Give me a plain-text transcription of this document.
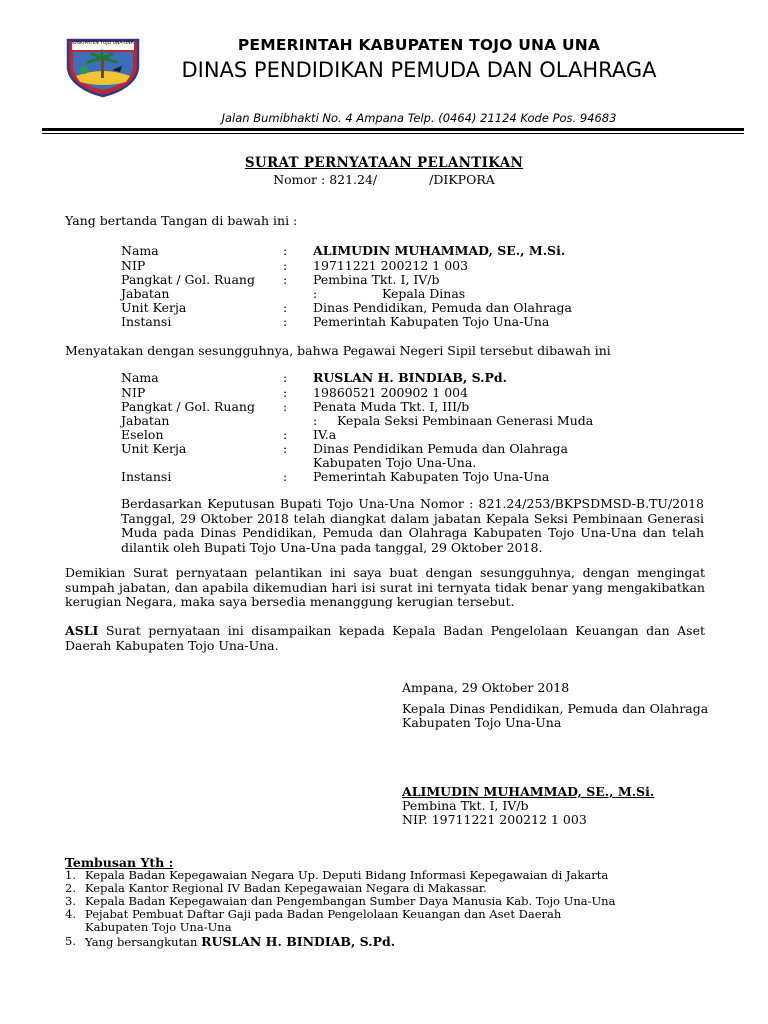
KABUPATEN TOJO UNA-UNA	PEMERINTAH KABUPATEN TOJO UNA UNA
DINAS PENDIDIKAN PEMUDA DAN OLAHRAGA
Jalan Bumibhakti No. 4 Ampana Telp. (0464) 21124 Kode Pos. 94683
SURAT PERNYATAAN PELANTIKAN
Nomor : 821.24/	/DIKPORA
Yang bertanda Tangan di bawah ini :
Nama	: ALIMUDIN MUHAMMAD, SE., M.Si.
NIP	: 19711221 200212 1 003
Pangkat / Gol. Ruang : Pembina Tkt. I, IV/b
Jabatan	:	Kepala Dinas
Unit Kerja	: Dinas Pendidikan, Pemuda dan Olahraga
Instansi	: Pemerintah Kabupaten Tojo Una-Una
Menyatakan dengan sesungguhnya, bahwa Pegawai Negeri Sipil tersebut dibawah ini
Nama	: RUSLAN H. BINDIAB, S.Pd.
NIP	: 19860521 200902 1 004
Pangkat / Gol. Ruang : Penata Muda Tkt. I, III/b
Jabatan	: Kepala Seksi Pembinaan Generasi Muda
Eselon	: IV.a
Unit Kerja	: Dinas Pendidikan Pemuda dan Olahraga
Kabupaten Tojo Una-Una.
Instansi	: Pemerintah Kabupaten Tojo Una-Una
Berdasarkan Keputusan Bupati Tojo Una-Una Nomor : 821.24/253/BKPSDMSD-B.TU/2018 Tanggal, 29 Oktober 2018 telah diangkat dalam jabatan Kepala Seksi Pembinaan Generasi Muda pada Dinas Pendidikan, Pemuda dan Olahraga Kabupaten Tojo Una-Una dan telah dilantik oleh Bupati Tojo Una-Una pada tanggal, 29 Oktober 2018.
Demikian Surat pernyataan pelantikan ini saya buat dengan sesungguhnya, dengan mengingat sumpah jabatan, dan apabila dikemudian hari isi surat ini ternyata tidak benar yang mengakibatkan kerugian Negara, maka saya bersedia menanggung kerugian tersebut.
ASLI Surat pernyataan ini disampaikan kepada Kepala Badan Pengelolaan Keuangan dan Aset Daerah Kabupaten Tojo Una-Una.
Ampana, 29 Oktober 2018
Kepala Dinas Pendidikan, Pemuda dan Olahraga
Kabupaten Tojo Una-Una
ALIMUDIN MUHAMMAD, SE., M.Si.
Pembina Tkt. I, IV/b
NIP. 19711221 200212 1 003
Tembusan Yth :
1. Kepala Badan Kepegawaian Negara Up. Deputi Bidang Informasi Kepegawaian di Jakarta
2. Kepala Kantor Regional IV Badan Kepegawaian Negara di Makassar.
3. Kepala Badan Kepegawaian dan Pengembangan Sumber Daya Manusia Kab. Tojo Una-Una
4. Pejabat Pembuat Daftar Gaji pada Badan Pengelolaan Keuangan dan Aset Daerah
Kabupaten Tojo Una-Una
5. Yang bersangkutan RUSLAN H. BINDIAB, S.Pd.
